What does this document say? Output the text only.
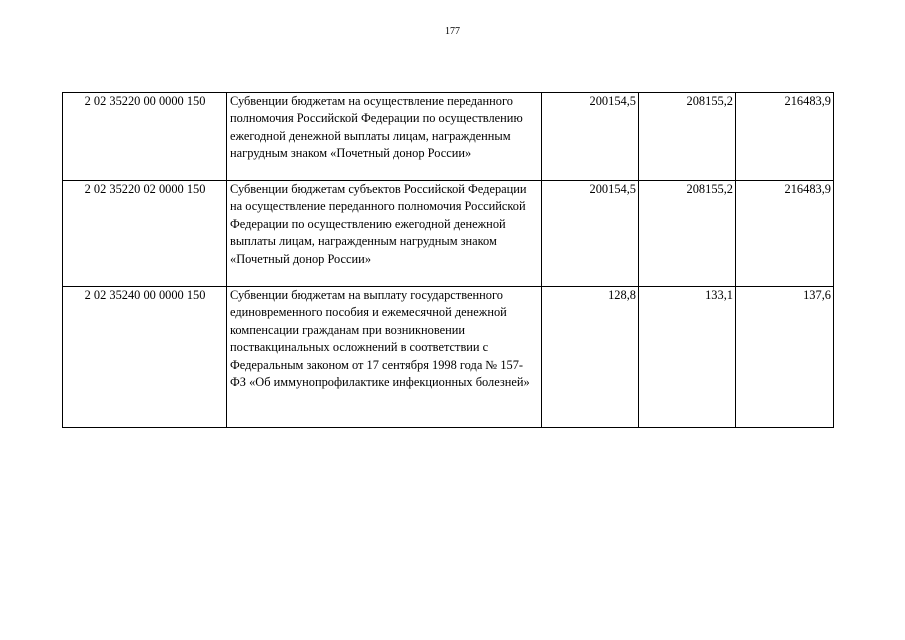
177
2 02 35220 00 0000 150	Субвенции бюджетам на осуществление переданного полномочия Российской Федерации по осуществлению ежегодной денежной выплаты лицам, награжденным нагрудным знаком «Почетный донор России»	200154,5	208155,2	216483,9
2 02 35220 02 0000 150	Субвенции бюджетам субъектов Российской Федерации на осуществление переданного полномочия Российской Федерации по осуществлению ежегодной денежной выплаты лицам, награжденным нагрудным знаком «Почетный донор России»	200154,5	208155,2	216483,9
2 02 35240 00 0000 150	Субвенции бюджетам на выплату государственного единовременного пособия и ежемесячной денежной компенсации гражданам при возникновении поствакцинальных осложнений в соответствии с Федеральным законом от 17 сентября 1998 года № 157-ФЗ «Об иммунопрофилактике инфекционных болезней»	128,8	133,1	137,6
